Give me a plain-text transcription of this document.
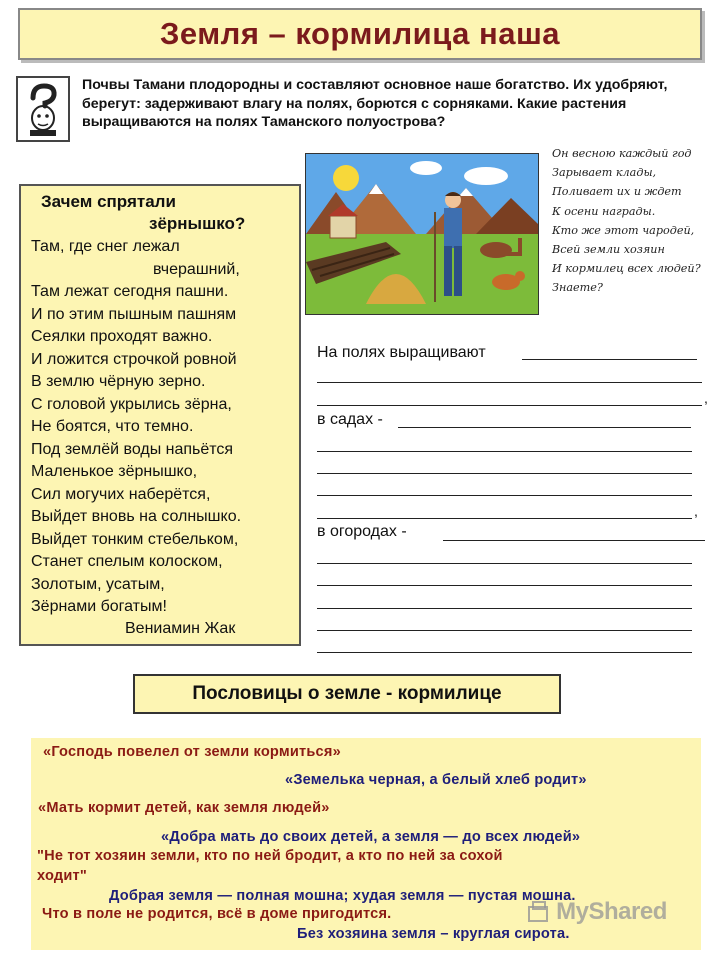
Земля – кормилица наша
Почвы Тамани плодородны и составляют основное наше богатство. Их удобряют, берегут: задерживают влагу на полях, борются с сорняками. Какие растения выращиваются на полях Таманского полуострова?
Он весною каждый год
Зарывает клады,
Поливает их и ждет
К осени награды.
Кто же этот чародей,
Всей земли хозяин
И кормилец всех людей?
Знаете?
Зачем спрятали
зёрнышко?
Там, где снег лежал
вчерашний,
Там лежат сегодня пашни.
И по этим пышным пашням
Сеялки проходят важно.
И ложится строчкой ровной
В землю чёрную зерно.
С головой укрылись зёрна,
Не боятся, что темно.
Под землёй воды напьётся
Маленькое зёрнышко,
Сил могучих наберётся,
Выйдет вновь на солнышко.
Выйдет тонким стебельком,
Станет спелым колоском,
Золотым, усатым,
Зёрнами богатым!
Вениамин Жак
На полях выращивают
,
в садах -
,
в огородах -
Пословицы о земле - кормилице
«Господь повелел от земли кормиться»
«Земелька черная, а белый хлеб родит»
«Мать кормит детей, как земля людей»
«Добра мать до своих детей, а земля — до всех людей»
"Не тот хозяин земли, кто по ней бродит, а кто по ней за сохой
ходит"
Добрая земля — полная мошна; худая земля — пустая мошна.
Что в поле не родится, всё в доме пригодится.
Без хозяина земля – круглая сирота.
MyShared
